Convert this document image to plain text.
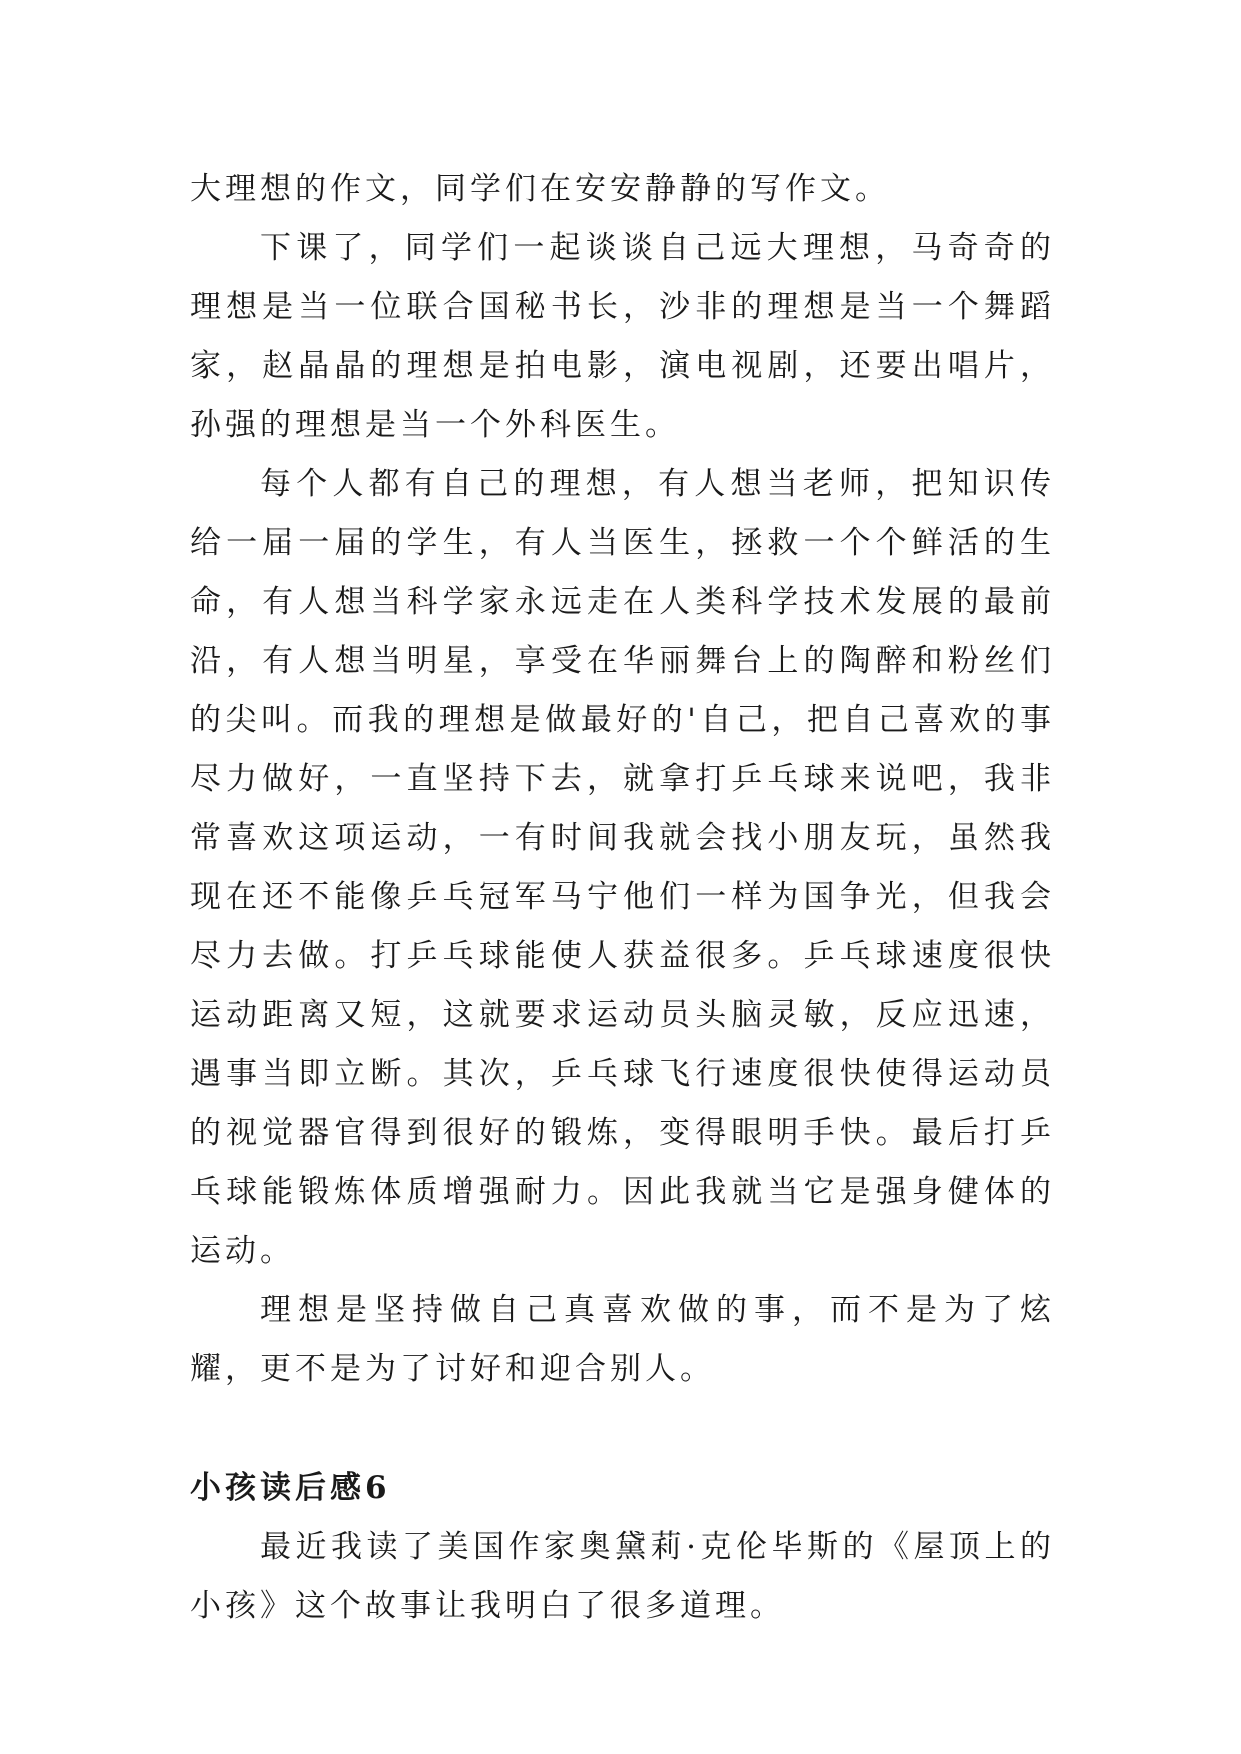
大理想的作文，同学们在安安静静的写作文。

下课了，同学们一起谈谈自己远大理想，马奇奇的理想是当一位联合国秘书长，沙非的理想是当一个舞蹈家，赵晶晶的理想是拍电影，演电视剧，还要出唱片，孙强的理想是当一个外科医生。

每个人都有自己的理想，有人想当老师，把知识传给一届一届的学生，有人当医生，拯救一个个鲜活的生命，有人想当科学家永远走在人类科学技术发展的最前沿，有人想当明星，享受在华丽舞台上的陶醉和粉丝们的尖叫。而我的理想是做最好的'自己，把自己喜欢的事尽力做好，一直坚持下去，就拿打乒乓球来说吧，我非常喜欢这项运动，一有时间我就会找小朋友玩，虽然我现在还不能像乒乓冠军马宁他们一样为国争光，但我会尽力去做。打乒乓球能使人获益很多。乒乓球速度很快运动距离又短，这就要求运动员头脑灵敏，反应迅速，遇事当即立断。其次，乒乓球飞行速度很快使得运动员的视觉器官得到很好的锻炼，变得眼明手快。最后打乒乓球能锻炼体质增强耐力。因此我就当它是强身健体的运动。

理想是坚持做自己真喜欢做的事，而不是为了炫耀，更不是为了讨好和迎合别人。

小孩读后感6

最近我读了美国作家奥黛莉·克伦毕斯的《屋顶上的小孩》这个故事让我明白了很多道理。
